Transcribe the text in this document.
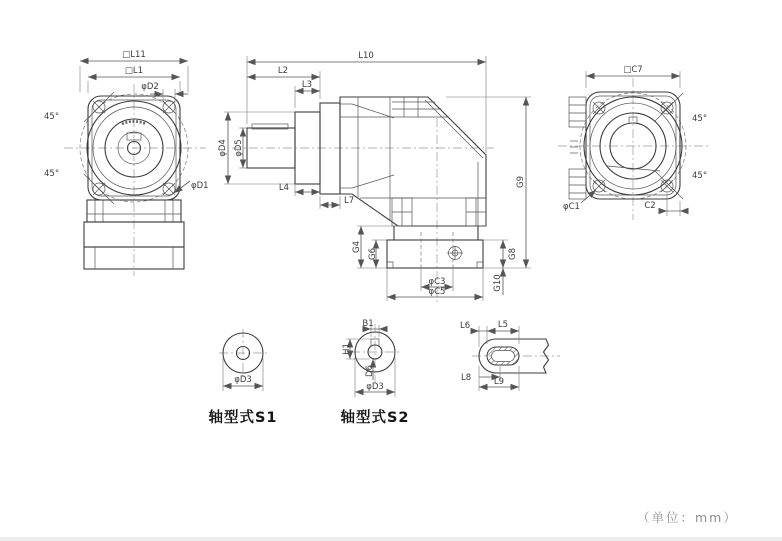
□L11
□L1
φD2
45°
45°
φD1
L10
L2
L3
φD4 φD5
L4
L7
G4
G6
G9
G8
G10
φC3
φC5
□C7
φC1	C2
45°
45°
φD3
轴型式S1
B1
H1
D6
φD3
轴型式S2
L6	L5
L8	L9
（单位：mm）
